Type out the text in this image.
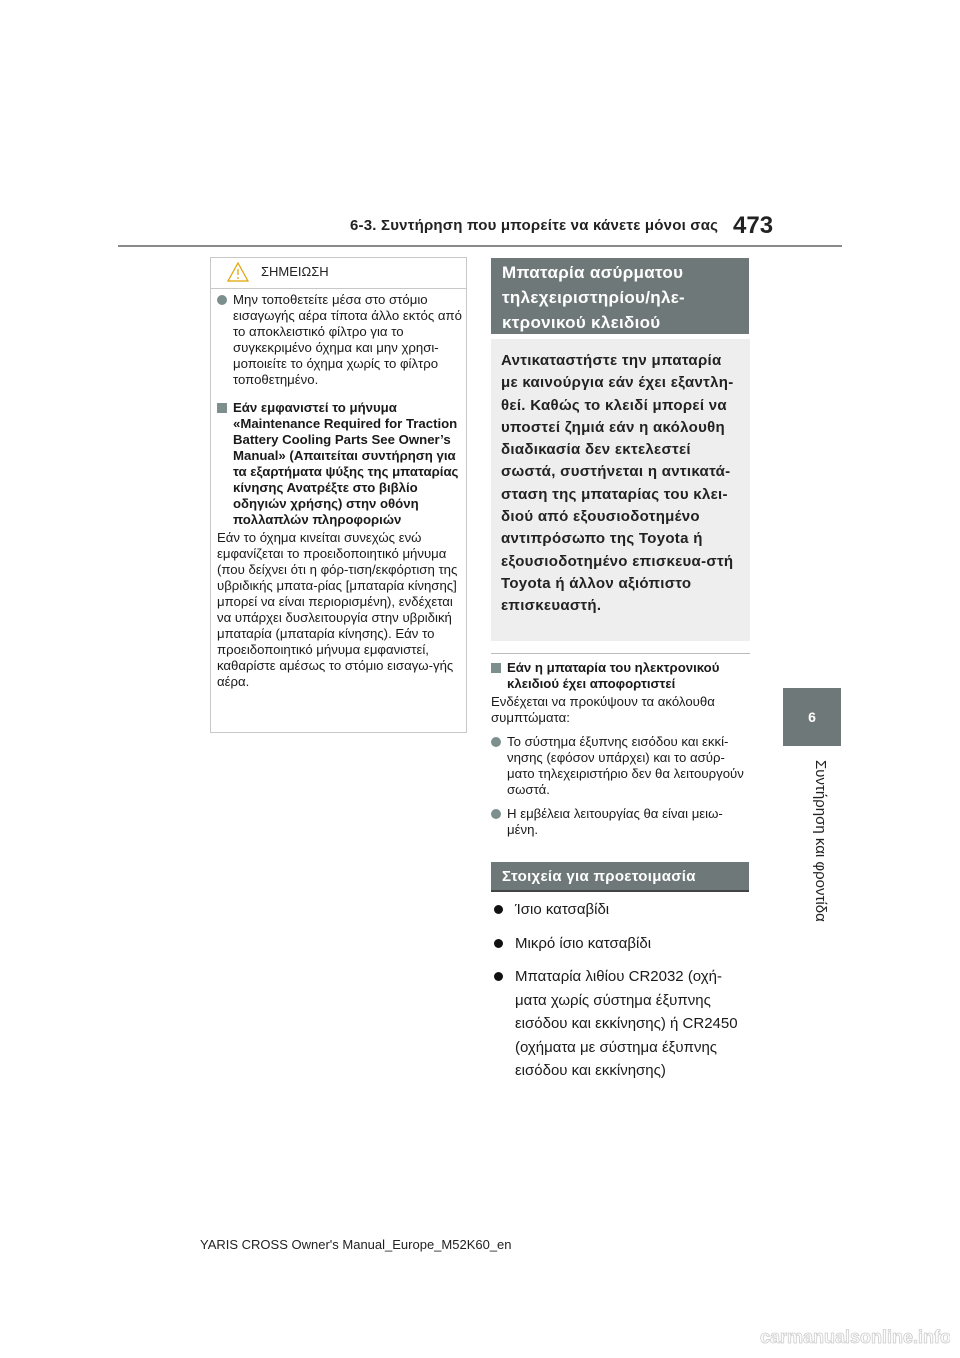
6-3. Συντήρηση που μπορείτε να κάνετε μόνοι σας 473
6
Συντήρηση και φροντίδα
ΣΗΜΕΙΩΣΗ
Μην τοποθετείτε μέσα στο στόμιο εισαγωγής αέρα τίποτα άλλο εκτός από το αποκλειστικό φίλτρο για το συγκεκριμένο όχημα και μην χρησι-μοποιείτε το όχημα χωρίς το φίλτρο τοποθετημένο.
Εάν εμφανιστεί το μήνυμα «Maintenance Required for Traction Battery Cooling Parts See Owner’s Manual» (Απαιτείται συντήρηση για τα εξαρτήματα ψύξης της μπαταρίας κίνησης Ανατρέξτε στο βιβλίο οδηγιών χρήσης) στην οθόνη πολλαπλών πληροφοριών
Εάν το όχημα κινείται συνεχώς ενώ εμφανίζεται το προειδοποιητικό μήνυμα (που δείχνει ότι η φόρ-τιση/εκφόρτιση της υβριδικής μπατα-ρίας [μπαταρία κίνησης] μπορεί να είναι περιορισμένη), ενδέχεται να υπάρχει δυσλειτουργία στην υβριδική μπαταρία (μπαταρία κίνησης). Εάν το προειδοποιητικό μήνυμα εμφανιστεί, καθαρίστε αμέσως το στόμιο εισαγω-γής αέρα.
Μπαταρία ασύρματου τηλεχειριστηρίου/ηλε-κτρονικού κλειδιού
Αντικαταστήστε την μπαταρία με καινούργια εάν έχει εξαντλη-θεί. Καθώς το κλειδί μπορεί να υποστεί ζημιά εάν η ακόλουθη διαδικασία δεν εκτελεστεί σωστά, συστήνεται η αντικατά-σταση της μπαταρίας του κλει-διού από εξουσιοδοτημένο αντιπρόσωπο της Toyota ή εξουσιοδοτημένο επισκευα-στή Toyota ή άλλον αξιόπιστο επισκευαστή.
Εάν η μπαταρία του ηλεκτρονικού κλειδιού έχει αποφορτιστεί
Ενδέχεται να προκύψουν τα ακόλουθα συμπτώματα:
Το σύστημα έξυπνης εισόδου και εκκί-νησης (εφόσον υπάρχει) και το ασύρ-ματο τηλεχειριστήριο δεν θα λειτουργούν σωστά.
Η εμβέλεια λειτουργίας θα είναι μειω-μένη.
Στοιχεία για προετοιμασία
Ίσιο κατσαβίδι
Μικρό ίσιο κατσαβίδι
Μπαταρία λιθίου CR2032 (οχή-ματα χωρίς σύστημα έξυπνης εισόδου και εκκίνησης) ή CR2450 (οχήματα με σύστημα έξυπνης εισόδου και εκκίνησης)
YARIS CROSS Owner's Manual_Europe_M52K60_en
carmanualsonline.info
